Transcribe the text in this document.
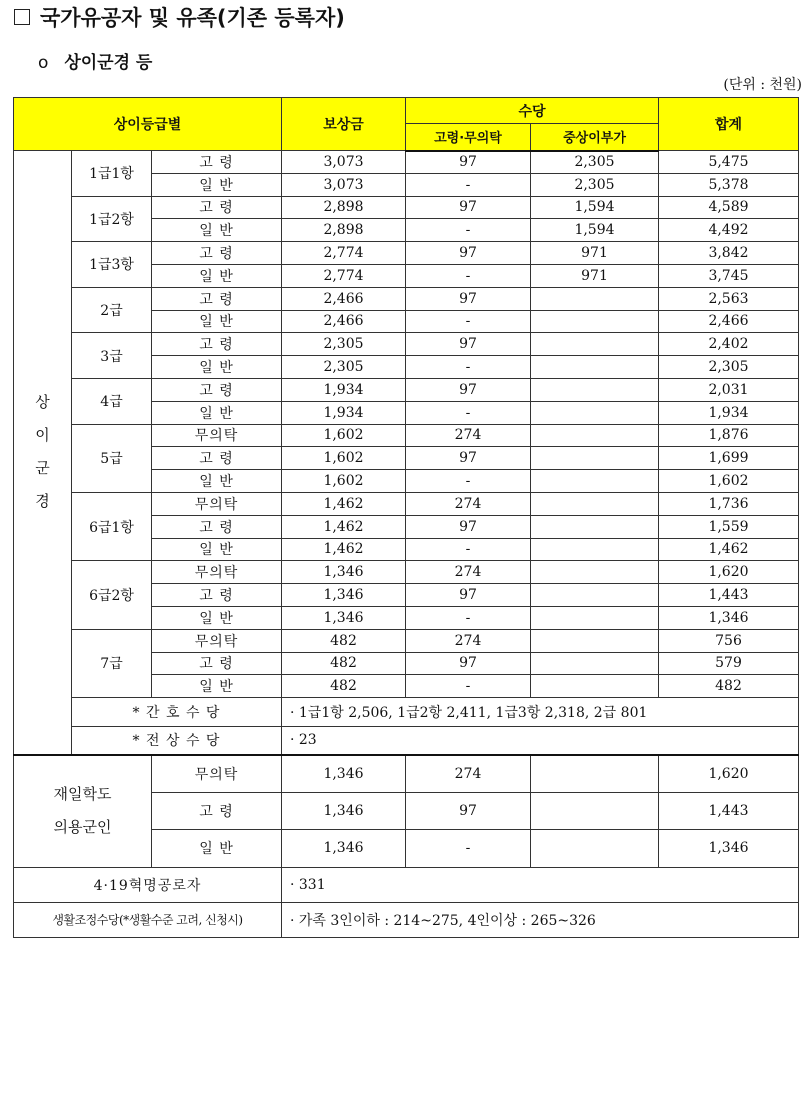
국가유공자 및 유족(기존 등록자)
o 상이군경 등
(단위 : 천원)
상이등급별			보상금	수당		합계
				고령·무의탁	중상이부가	
상
이
군
경	1급1항	고 령	3,073	97	2,305	5,475
		일 반	3,073	-	2,305	5,378
	1급2항	고 령	2,898	97	1,594	4,589
		일 반	2,898	-	1,594	4,492
	1급3항	고 령	2,774	97	971	3,842
		일 반	2,774	-	971	3,745
	2급	고 령	2,466	97		2,563
		일 반	2,466	-		2,466
	3급	고 령	2,305	97		2,402
		일 반	2,305	-		2,305
	4급	고 령	1,934	97		2,031
		일 반	1,934	-		1,934
	5급	무의탁	1,602	274		1,876
		고 령	1,602	97		1,699
		일 반	1,602	-		1,602
	6급1항	무의탁	1,462	274		1,736
		고 령	1,462	97		1,559
		일 반	1,462	-		1,462
	6급2항	무의탁	1,346	274		1,620
		고 령	1,346	97		1,443
		일 반	1,346	-		1,346
	7급	무의탁	482	274		756
		고 령	482	97		579
		일 반	482	-		482
	* 간 호 수 당		· 1급1항 2,506, 1급2항 2,411, 1급3항 2,318, 2급 801			
	* 전 상 수 당		· 23			
재일학도
의용군인		무의탁	1,346	274		1,620
		고 령	1,346	97		1,443
		일 반	1,346	-		1,346
4·19혁명공로자			· 331			
생활조정수당(*생활수준 고려, 신청시)			· 가족 3인이하 : 214~275, 4인이상 : 265~326			
